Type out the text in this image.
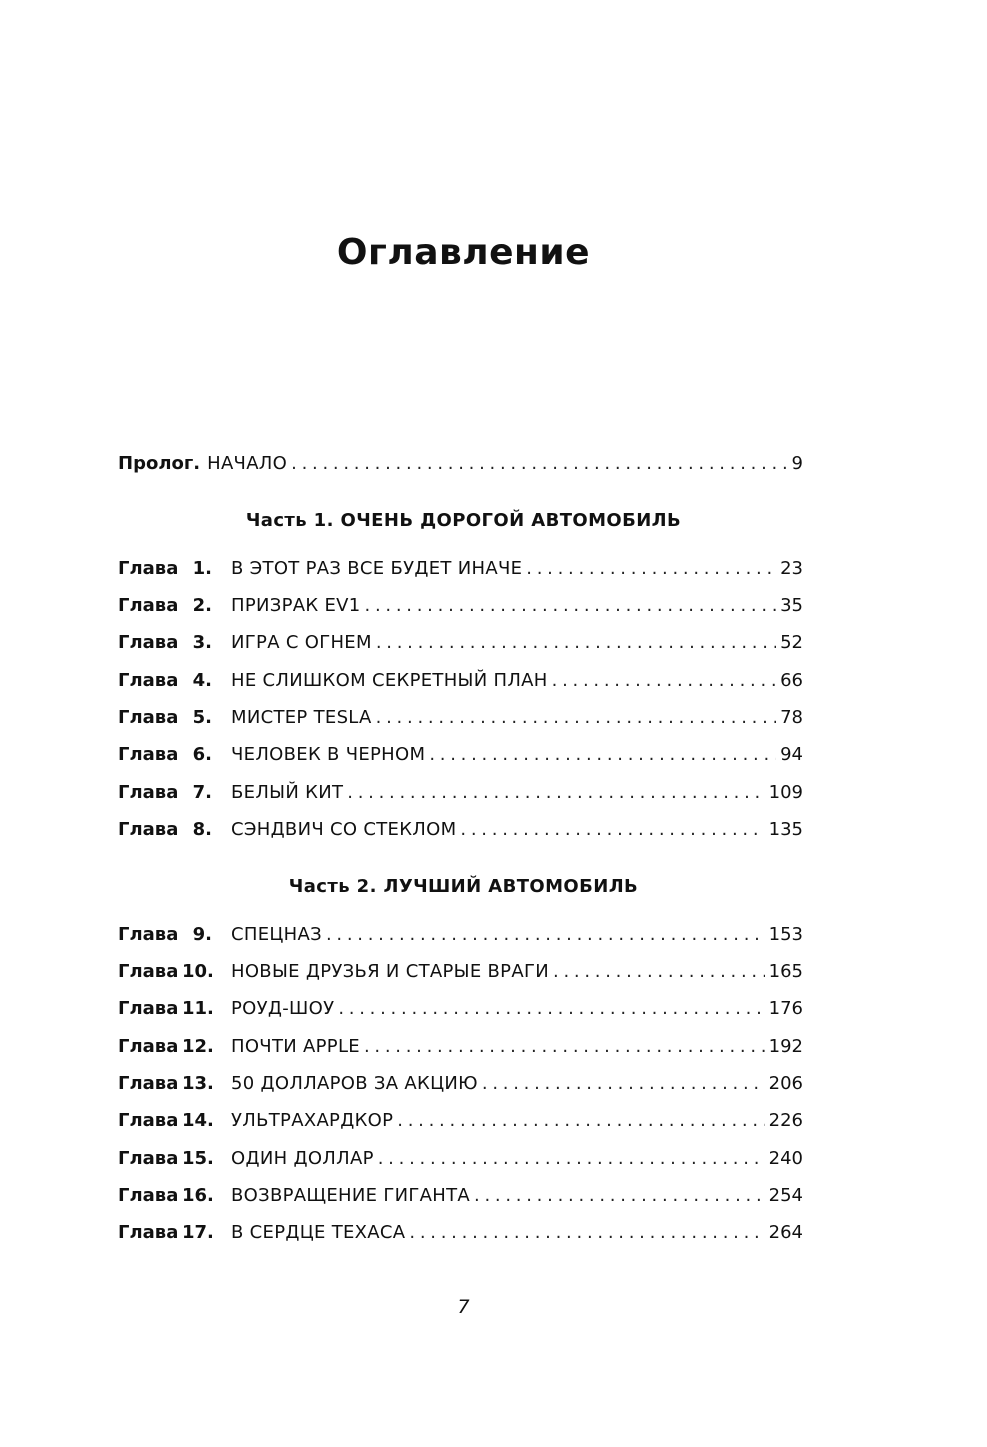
Оглавление
Пролог. НАЧАЛО . . .	9
Часть 1. ОЧЕНЬ ДОРОГОЙ АВТОМОБИЛЬ
Глава 1. В ЭТОТ РАЗ ВСЕ БУДЕТ ИНАЧЕ . . .	23
Глава 2. ПРИЗРАК EV1 . . .	35
Глава 3. ИГРА С ОГНЕМ . . .	52
Глава 4. НЕ СЛИШКОМ СЕКРЕТНЫЙ ПЛАН . . .	66
Глава 5. МИСТЕР TESLA . . .	78
Глава 6. ЧЕЛОВЕК В ЧЕРНОМ . . .	94
Глава 7. БЕЛЫЙ КИТ . . .	109
Глава 8. СЭНДВИЧ СО СТЕКЛОМ . . .	135
Часть 2. ЛУЧШИЙ АВТОМОБИЛЬ
Глава 9. СПЕЦНАЗ . . .	153
Глава 10. НОВЫЕ ДРУЗЬЯ И СТАРЫЕ ВРАГИ . . .	165
Глава 11. РОУД-ШОУ . . .	176
Глава 12. ПОЧТИ APPLE . . .	192
Глава 13. 50 ДОЛЛАРОВ ЗА АКЦИЮ . . .	206
Глава 14. УЛЬТРАХАРДКОР . . .	226
Глава 15. ОДИН ДОЛЛАР . . .	240
Глава 16. ВОЗВРАЩЕНИЕ ГИГАНТА . . .	254
Глава 17. В СЕРДЦЕ ТЕХАСА . . .	264
7
